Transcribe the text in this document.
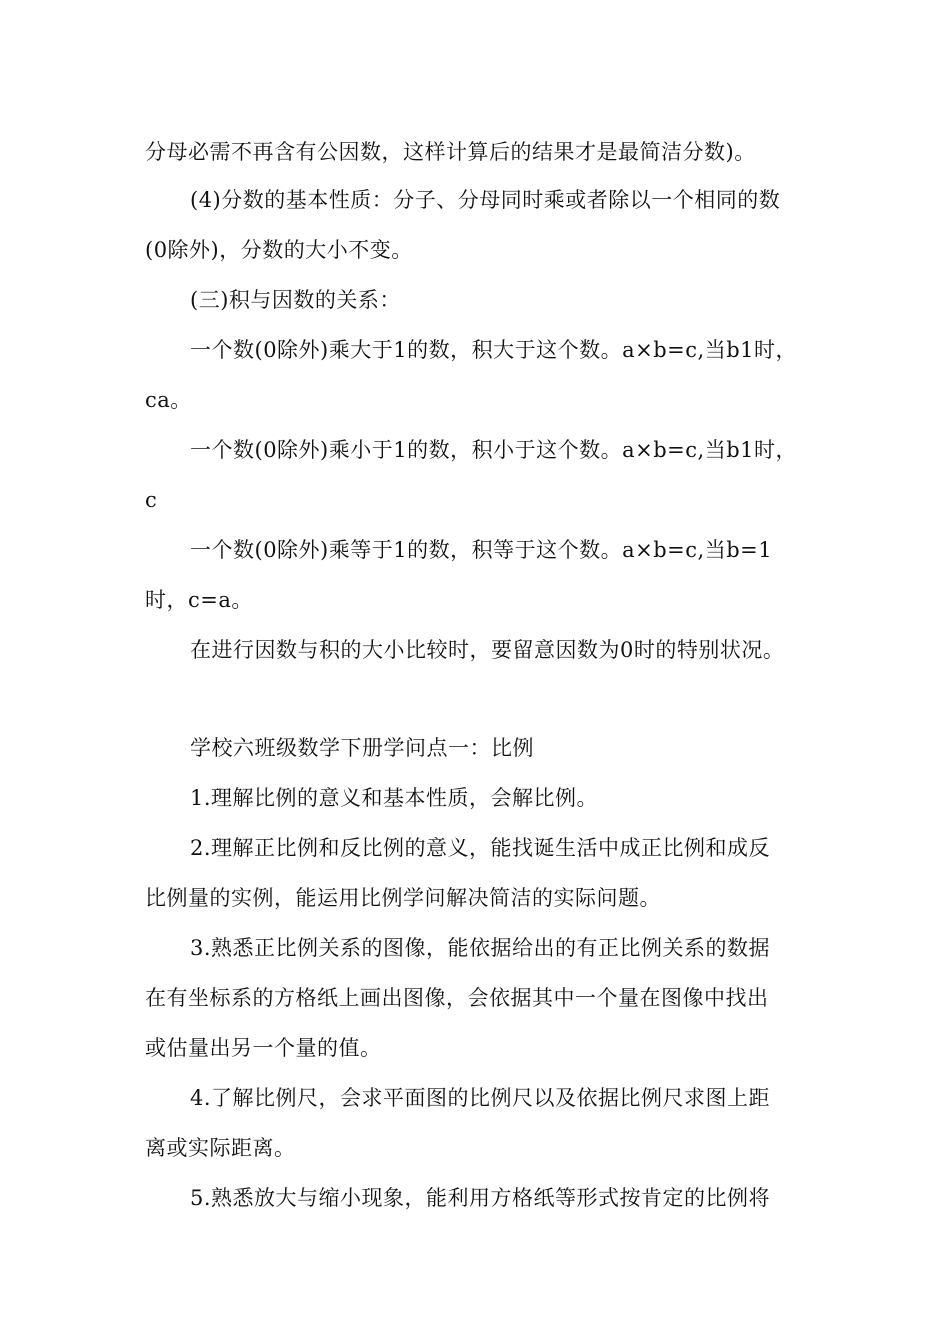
分母必需不再含有公因数，这样计算后的结果才是最简洁分数)。
(4)分数的基本性质：分子、分母同时乘或者除以一个相同的数
(0除外)，分数的大小不变。
(三)积与因数的关系：
一个数(0除外)乘大于1的数，积大于这个数。a×b=c,当b1时，
ca。
一个数(0除外)乘小于1的数，积小于这个数。a×b=c,当b1时，
c
一个数(0除外)乘等于1的数，积等于这个数。a×b=c,当b=1
时，c=a。
在进行因数与积的大小比较时，要留意因数为0时的特别状况。
学校六班级数学下册学问点一：比例
1.理解比例的意义和基本性质，会解比例。
2.理解正比例和反比例的意义，能找诞生活中成正比例和成反
比例量的实例，能运用比例学问解决简洁的实际问题。
3.熟悉正比例关系的图像，能依据给出的有正比例关系的数据
在有坐标系的方格纸上画出图像，会依据其中一个量在图像中找出
或估量出另一个量的值。
4.了解比例尺，会求平面图的比例尺以及依据比例尺求图上距
离或实际距离。
5.熟悉放大与缩小现象，能利用方格纸等形式按肯定的比例将
